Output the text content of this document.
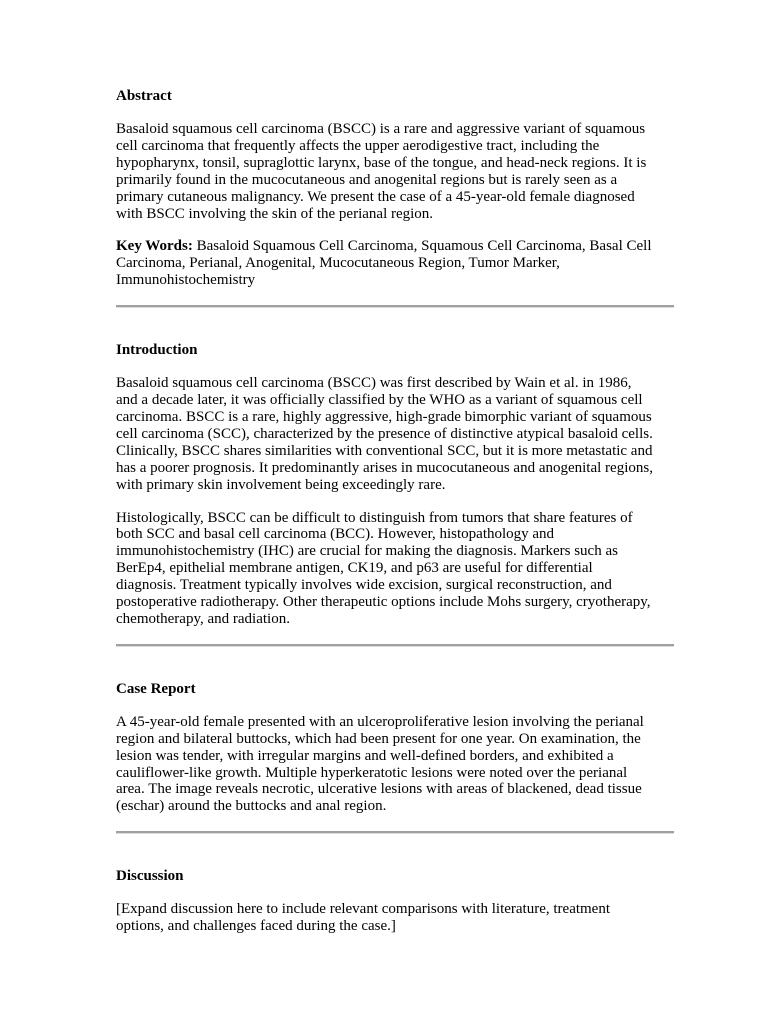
Abstract

Basaloid squamous cell carcinoma (BSCC) is a rare and aggressive variant of squamous cell carcinoma that frequently affects the upper aerodigestive tract, including the hypopharynx, tonsil, supraglottic larynx, base of the tongue, and head-neck regions. It is primarily found in the mucocutaneous and anogenital regions but is rarely seen as a primary cutaneous malignancy. We present the case of a 45-year-old female diagnosed with BSCC involving the skin of the perianal region.

Key Words: Basaloid Squamous Cell Carcinoma, Squamous Cell Carcinoma, Basal Cell Carcinoma, Perianal, Anogenital, Mucocutaneous Region, Tumor Marker, Immunohistochemistry

Introduction

Basaloid squamous cell carcinoma (BSCC) was first described by Wain et al. in 1986, and a decade later, it was officially classified by the WHO as a variant of squamous cell carcinoma. BSCC is a rare, highly aggressive, high-grade bimorphic variant of squamous cell carcinoma (SCC), characterized by the presence of distinctive atypical basaloid cells. Clinically, BSCC shares similarities with conventional SCC, but it is more metastatic and has a poorer prognosis. It predominantly arises in mucocutaneous and anogenital regions, with primary skin involvement being exceedingly rare.

Histologically, BSCC can be difficult to distinguish from tumors that share features of both SCC and basal cell carcinoma (BCC). However, histopathology and immunohistochemistry (IHC) are crucial for making the diagnosis. Markers such as BerEp4, epithelial membrane antigen, CK19, and p63 are useful for differential diagnosis. Treatment typically involves wide excision, surgical reconstruction, and postoperative radiotherapy. Other therapeutic options include Mohs surgery, cryotherapy, chemotherapy, and radiation.

Case Report

A 45-year-old female presented with an ulceroproliferative lesion involving the perianal region and bilateral buttocks, which had been present for one year. On examination, the lesion was tender, with irregular margins and well-defined borders, and exhibited a cauliflower-like growth. Multiple hyperkeratotic lesions were noted over the perianal area. The image reveals necrotic, ulcerative lesions with areas of blackened, dead tissue (eschar) around the buttocks and anal region.

Discussion

[Expand discussion here to include relevant comparisons with literature, treatment options, and challenges faced during the case.]
